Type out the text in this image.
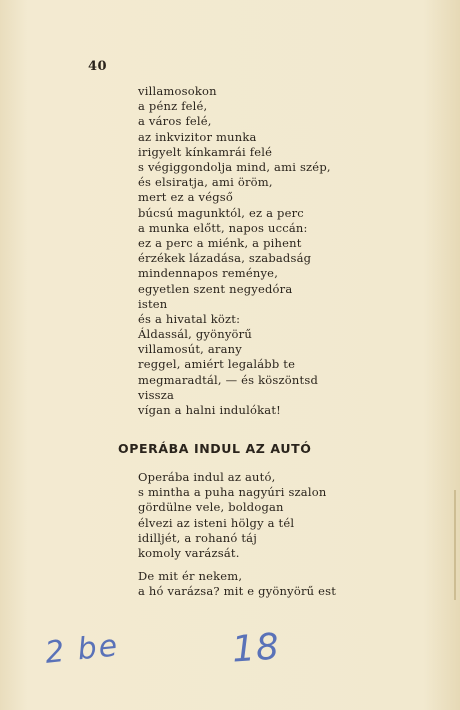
40
villamosokon
a pénz felé,
a város felé,
az inkvizitor munka
irigyelt kínkamrái felé
s végiggondolja mind, ami szép,
és elsiratja, ami öröm,
mert ez a végső
búcsú magunktól, ez a perc
a munka előtt, napos uccán:
ez a perc a miénk, a pihent
érzékek lázadása, szabadság
mindennapos reménye,
egyetlen szent negyedóra
isten
és a hivatal közt:
Áldassál, gyönyörű
villamosút, arany
reggel, amiért legalább te
megmaradtál, — és köszöntsd
vissza
vígan a halni indulókat!
OPERÁBA INDUL AZ AUTÓ
Operába indul az autó,
s mintha a puha nagyúri szalon
gördülne vele, boldogan
élvezi az isteni hölgy a tél
idilljét, a rohanó táj
komoly varázsát.
De mit ér nekem,
a hó varázsa? mit e gyönyörű est
2 be	18
